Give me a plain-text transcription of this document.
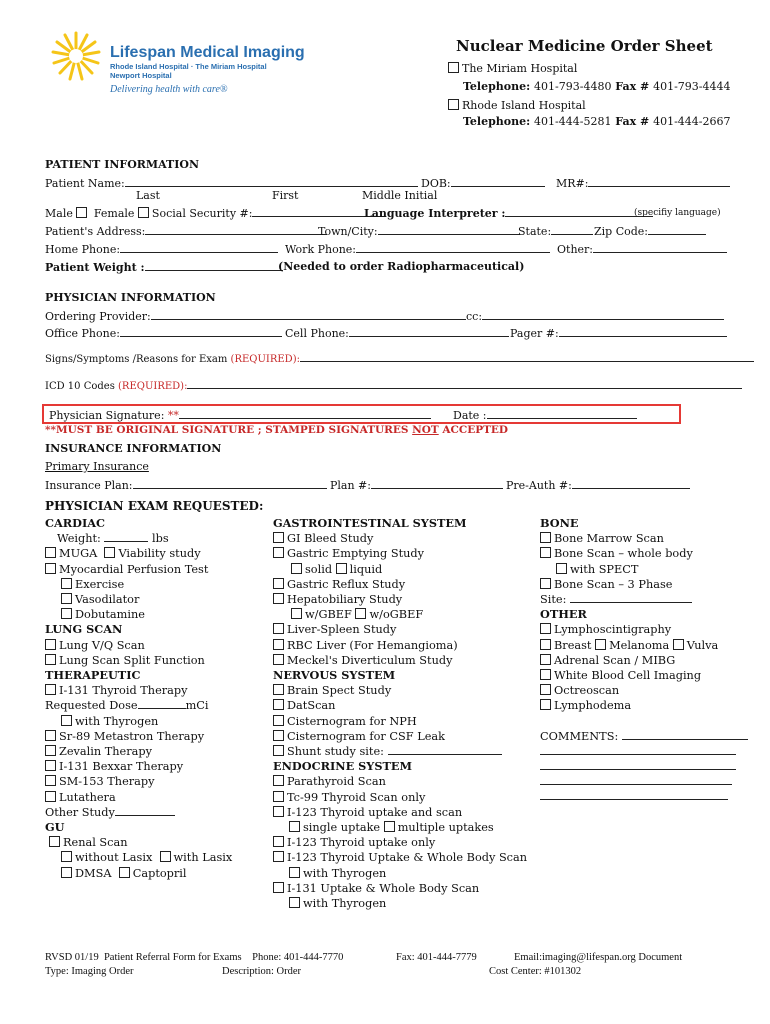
Lifespan Medical Imaging
Rhode Island Hospital · The Miriam Hospital
Newport Hospital
Delivering health with care®
Nuclear Medicine Order Sheet
The Miriam Hospital
Telephone: 401-793-4480 Fax # 401-793-4444
Rhode Island Hospital
Telephone: 401-444-5281 Fax # 401-444-2667
PATIENT INFORMATION
Patient Name:	DOB:	MR#:
Last	First	Middle Initial
Male Female Social Security #:	Language Interpreter :	(specifiy language)
Patient's Address:	Town/City:	State:	Zip Code:
Home Phone:	Work Phone:	Other:
Patient Weight :	(Needed to order Radiopharmaceutical)
PHYSICIAN INFORMATION
Ordering Provider:	cc:
Office Phone:	Cell Phone:	Pager #:
Signs/Symptoms /Reasons for Exam (REQUIRED):
ICD 10 Codes (REQUIRED):
Physician Signature: **	Date :
**MUST BE ORIGINAL SIGNATURE ; STAMPED SIGNATURES NOT ACCEPTED
INSURANCE INFORMATION
Primary Insurance
Insurance Plan:	Plan #:	Pre-Auth #:
PHYSICIAN EXAM REQUESTED:
CARDIAC
Weight:	lbs
MUGA Viability study
Myocardial Perfusion Test
Exercise
Vasodilator
Dobutamine
LUNG SCAN
Lung V/Q Scan
Lung Scan Split Function
THERAPEUTIC
I-131 Thyroid Therapy
Requested Dose	mCi
with Thyrogen
Sr-89 Metastron Therapy
Zevalin Therapy
I-131 Bexxar Therapy
SM-153 Therapy
Lutathera
Other Study
GU
Renal Scan
without Lasix with Lasix
DMSA Captopril
GASTROINTESTINAL SYSTEM
GI Bleed Study
Gastric Emptying Study
solid liquid
Gastric Reflux Study
Hepatobiliary Study
w/GBEF w/oGBEF
Liver-Spleen Study
RBC Liver (For Hemangioma)
Meckel's Diverticulum Study
NERVOUS SYSTEM
Brain Spect Study
DatScan
Cisternogram for NPH
Cisternogram for CSF Leak
Shunt study site:
ENDOCRINE SYSTEM
Parathyroid Scan
Tc-99 Thyroid Scan only
I-123 Thyroid uptake and scan
single uptake multiple uptakes
I-123 Thyroid uptake only
I-123 Thyroid Uptake & Whole Body Scan
with Thyrogen
I-131 Uptake & Whole Body Scan
with Thyrogen
BONE
Bone Marrow Scan
Bone Scan – whole body
with SPECT
Bone Scan – 3 Phase
Site:
OTHER
Lymphoscintigraphy
Breast Melanoma Vulva
Adrenal Scan / MIBG
White Blood Cell Imaging
Octreoscan
Lymphodema
COMMENTS:
RVSD 01/19 Patient Referral Form for Exams Phone: 401-444-7770	Fax: 401-444-7779	Email:imaging@lifespan.org Document
Type: Imaging Order	Description: Order	Cost Center: #101302
